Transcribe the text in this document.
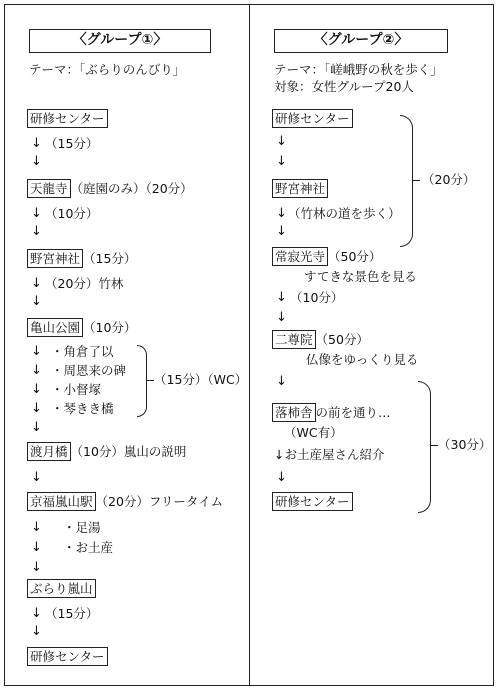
〈グループ①〉
テーマ：「ぶらりのんびり」
研修センター
↓ （15分）
↓
天龍寺 （庭園のみ）（20分）
↓ （10分）
↓
野宮神社 （15分）
↓ （20分）竹林
↓
亀山公園 （10分）
↓ ・角倉了以
↓ ・周恩来の碑
↓ ・小督塚
↓ ・琴きき橋
（15分）（WC）
↓
渡月橋 （10分）嵐山の説明
↓
京福嵐山駅 （20分）フリータイム
↓ ・足湯
↓ ・お土産
↓
ぶらり嵐山
↓ （15分）
↓
研修センター
〈グループ②〉
テーマ：「嵯峨野の秋を歩く」
対象：女性グループ20人
研修センター
↓
↓
野宮神社
↓ （竹林の道を歩く）
↓
（20分）
常寂光寺 （50分）
すてきな景色を見る
↓ （10分）
↓
二尊院 （50分）
仏像をゆっくり見る
↓
落柿舎 の前を通り…
（WC有）
↓お土産屋さん紹介
↓
（30分）
研修センター
